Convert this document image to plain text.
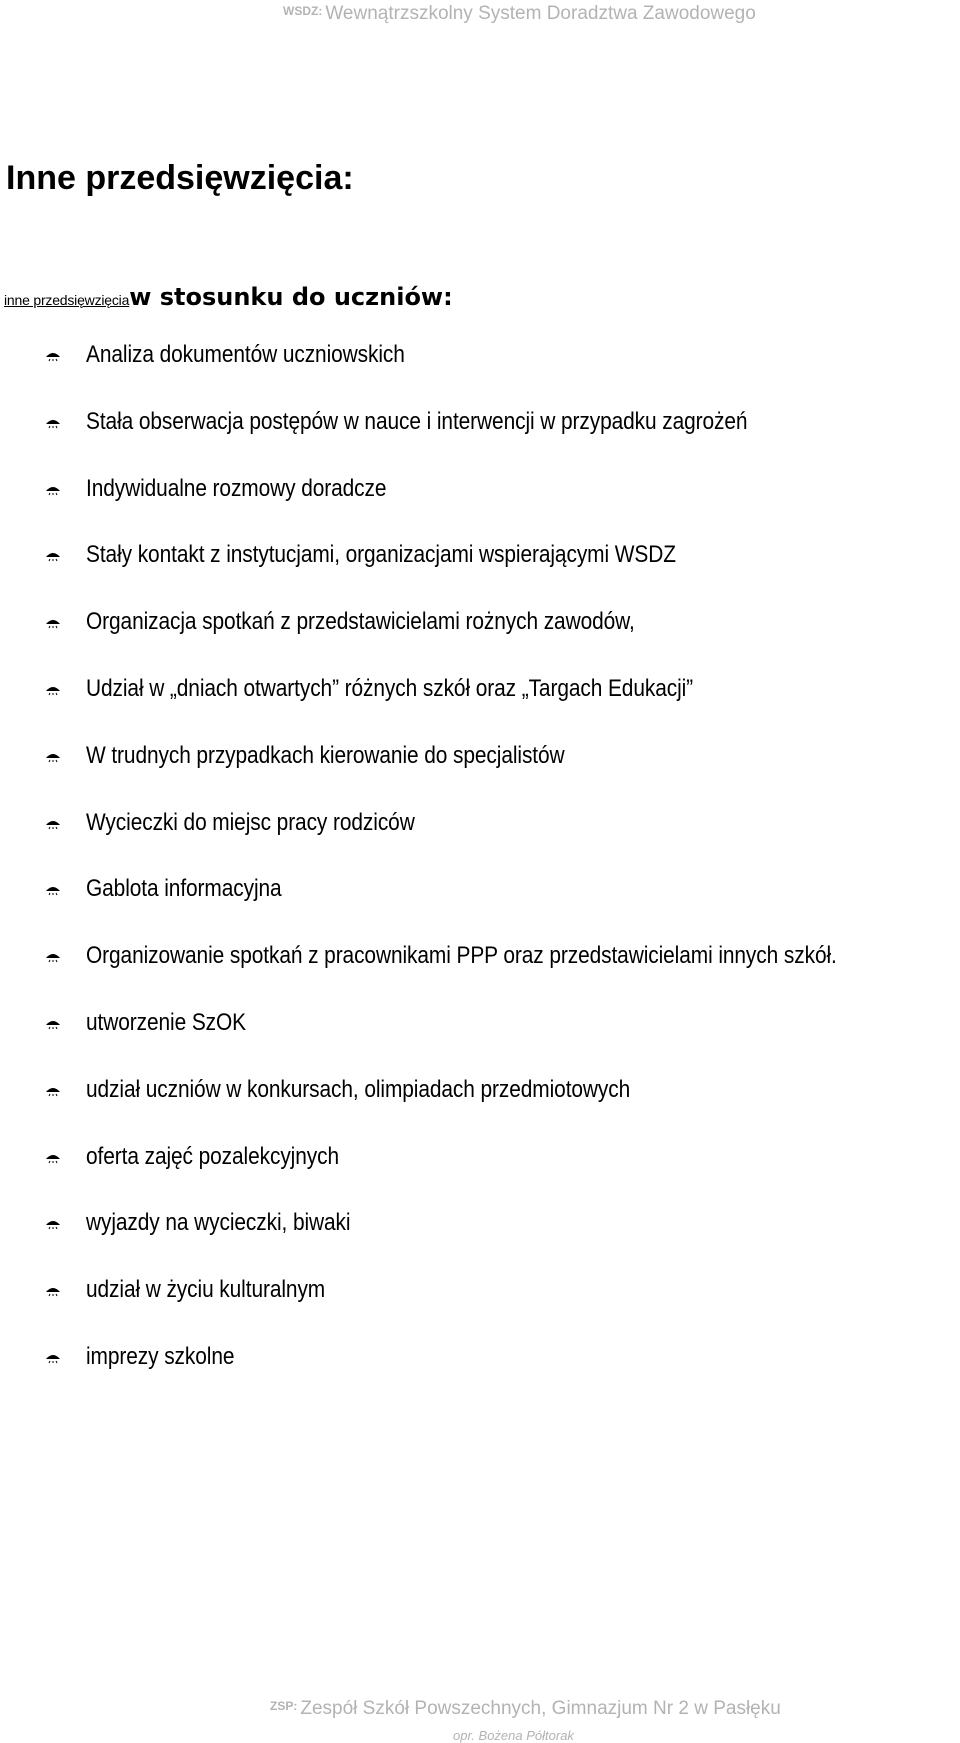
$^{WSDZ:}$ Wewnątrzszkolny System Doradztwa Zawodowego
Inne przedsięwzięcia:
inne przedsięwzięciaw stosunku do uczniów:
Analiza dokumentów uczniowskich
Stała obserwacja postępów w nauce i interwencji w przypadku zagrożeń
Indywidualne rozmowy doradcze
Stały kontakt z instytucjami, organizacjami wspierającymi WSDZ
Organizacja spotkań z przedstawicielami rożnych zawodów,
Udział w „dniach otwartych” różnych szkół oraz „Targach Edukacji”
W trudnych przypadkach kierowanie do specjalistów
Wycieczki do miejsc pracy rodziców
Gablota informacyjna
Organizowanie spotkań z pracownikami PPP oraz przedstawicielami innych szkół.
utworzenie SzOK
udział uczniów w konkursach, olimpiadach przedmiotowych
oferta zajęć pozalekcyjnych
wyjazdy na wycieczki, biwaki
udział w życiu kulturalnym
imprezy szkolne
$^{ZSP:}$ Zespół Szkół Powszechnych, Gimnazjum Nr 2 w Pasłęku
opr. Bożena Półtorak
